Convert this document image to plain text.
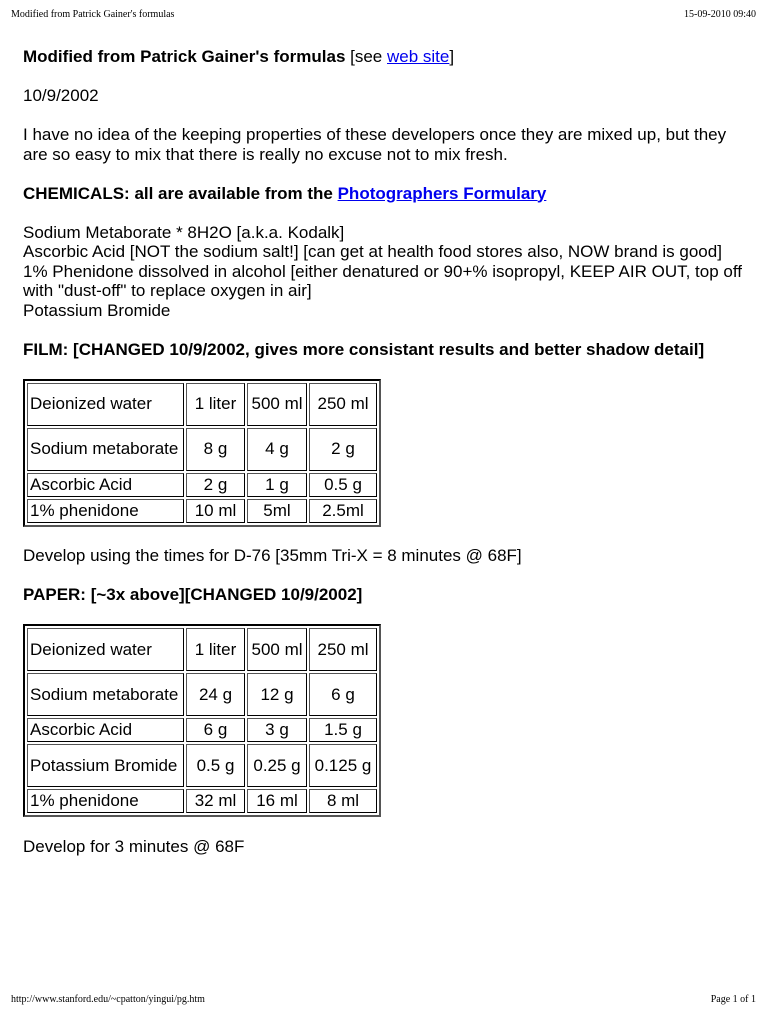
Modified from Patrick Gainer's formulas	15-09-2010 09:40

Modified from Patrick Gainer's formulas [see web site]

10/9/2002

I have no idea of the keeping properties of these developers once they are mixed up, but they are so easy to mix that there is really no excuse not to mix fresh.

CHEMICALS: all are available from the Photographers Formulary

Sodium Metaborate * 8H2O [a.k.a. Kodalk]
Ascorbic Acid [NOT the sodium salt!] [can get at health food stores also, NOW brand is good]
1% Phenidone dissolved in alcohol [either denatured or 90+% isopropyl, KEEP AIR OUT, top off with "dust-off" to replace oxygen in air]
Potassium Bromide

FILM: [CHANGED 10/9/2002, gives more consistant results and better shadow detail]

Deionized water	1 liter	500 ml	250 ml
Sodium metaborate	8 g	4 g	2 g
Ascorbic Acid	2 g	1 g	0.5 g
1% phenidone	10 ml	5ml	2.5ml

Develop using the times for D-76 [35mm Tri-X = 8 minutes @ 68F]

PAPER: [~3x above][CHANGED 10/9/2002]

Deionized water	1 liter	500 ml	250 ml
Sodium metaborate	24 g	12 g	6 g
Ascorbic Acid	6 g	3 g	1.5 g
Potassium Bromide	0.5 g	0.25 g	0.125 g
1% phenidone	32 ml	16 ml	8 ml

Develop for 3 minutes @ 68F

http://www.stanford.edu/~cpatton/yingui/pg.htm	Page 1 of 1
